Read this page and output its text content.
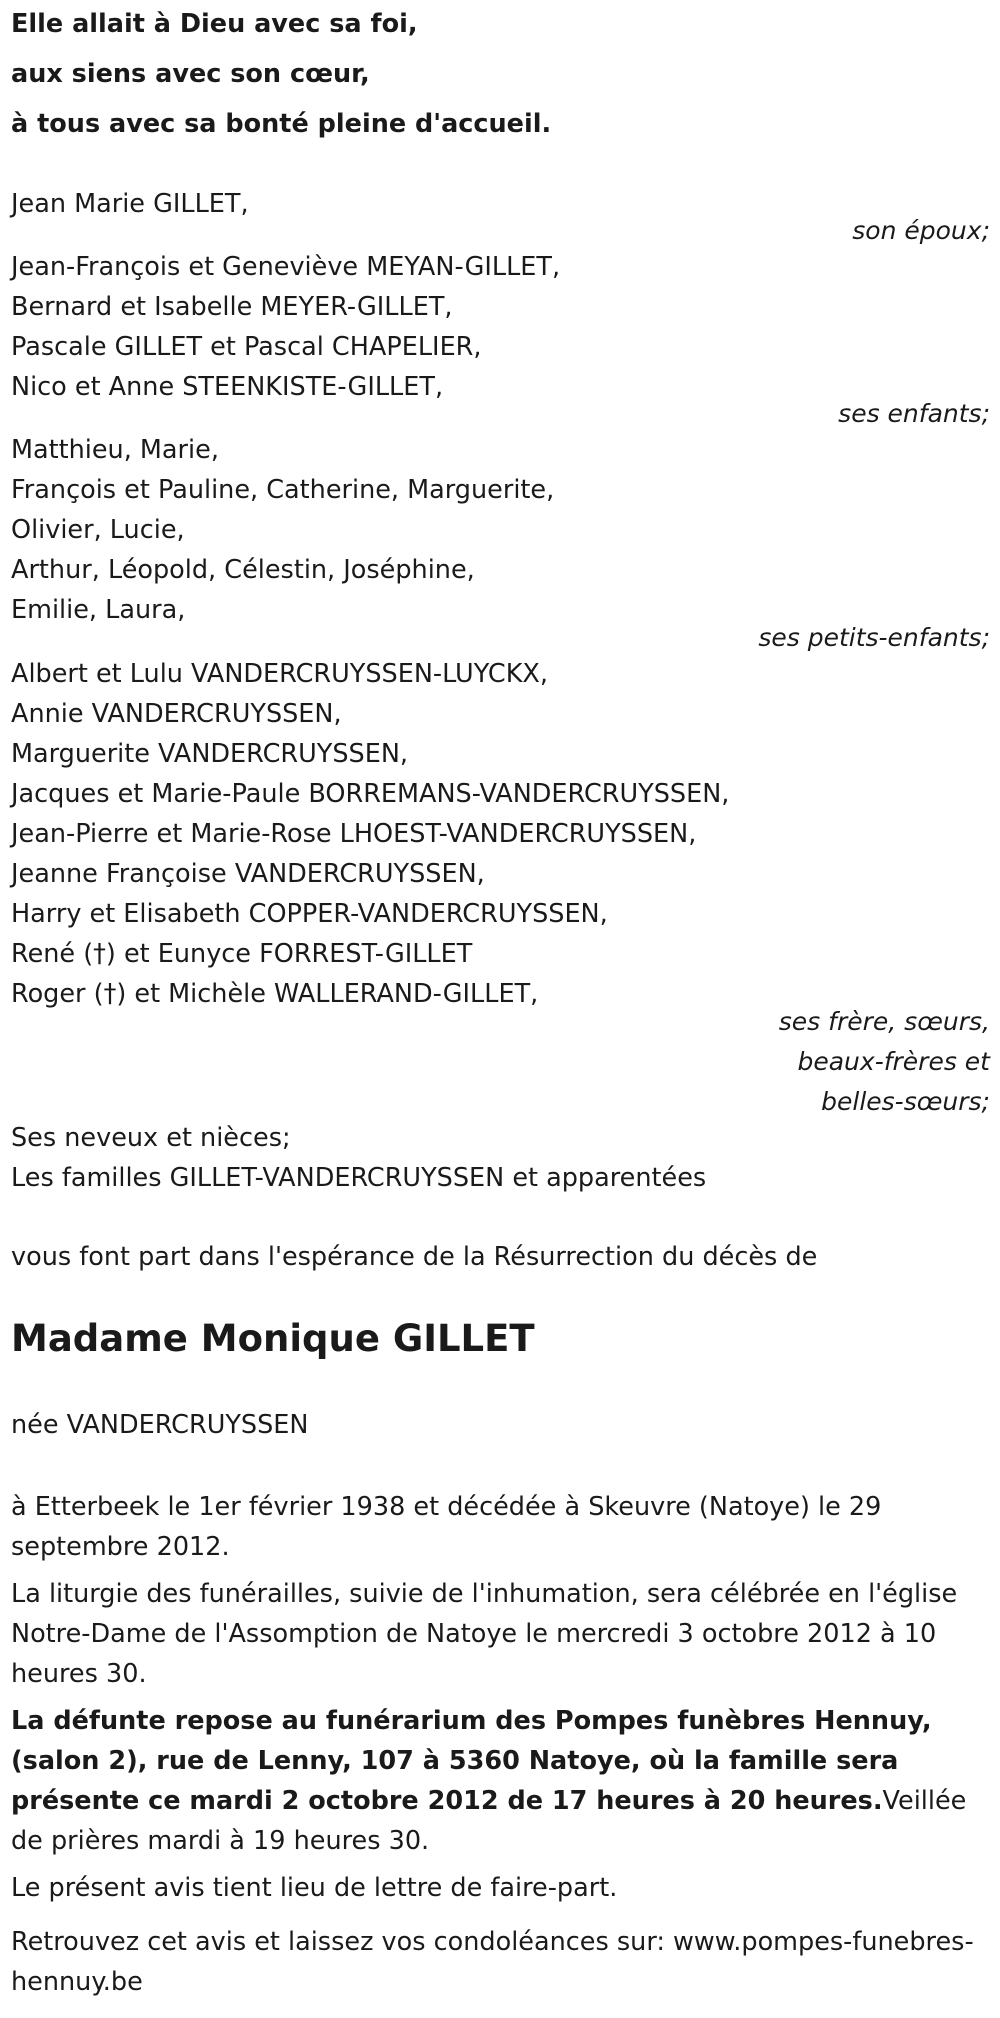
Elle allait à Dieu avec sa foi,
aux siens avec son cœur,
à tous avec sa bonté pleine d'accueil.
Jean Marie GILLET,
son époux;
Jean-François et Geneviève MEYAN-GILLET,
Bernard et Isabelle MEYER-GILLET,
Pascale GILLET et Pascal CHAPELIER,
Nico et Anne STEENKISTE-GILLET,
ses enfants;
Matthieu, Marie,
François et Pauline, Catherine, Marguerite,
Olivier, Lucie,
Arthur, Léopold, Célestin, Joséphine,
Emilie, Laura,
ses petits-enfants;
Albert et Lulu VANDERCRUYSSEN-LUYCKX,
Annie VANDERCRUYSSEN,
Marguerite VANDERCRUYSSEN,
Jacques et Marie-Paule BORREMANS-VANDERCRUYSSEN,
Jean-Pierre et Marie-Rose LHOEST-VANDERCRUYSSEN,
Jeanne Françoise VANDERCRUYSSEN,
Harry et Elisabeth COPPER-VANDERCRUYSSEN,
René (†) et Eunyce FORREST-GILLET
Roger (†) et Michèle WALLERAND-GILLET,
ses frère, sœurs,
beaux-frères et
belles-sœurs;
Ses neveux et nièces;
Les familles GILLET-VANDERCRUYSSEN et apparentées
vous font part dans l'espérance de la Résurrection du décès de
Madame Monique GILLET
née VANDERCRUYSSEN
à Etterbeek le 1er février 1938 et décédée à Skeuvre (Natoye) le 29 septembre 2012.
La liturgie des funérailles, suivie de l'inhumation, sera célébrée en l'église Notre-Dame de l'Assomption de Natoye le mercredi 3 octobre 2012 à 10 heures 30.
La défunte repose au funérarium des Pompes funèbres Hennuy, (salon 2), rue de Lenny, 107 à 5360 Natoye, où la famille sera présente ce mardi 2 octobre 2012 de 17 heures à 20 heures.Veillée de prières mardi à 19 heures 30.
Le présent avis tient lieu de lettre de faire-part.
Retrouvez cet avis et laissez vos condoléances sur: www.pompes-funebres-hennuy.be
